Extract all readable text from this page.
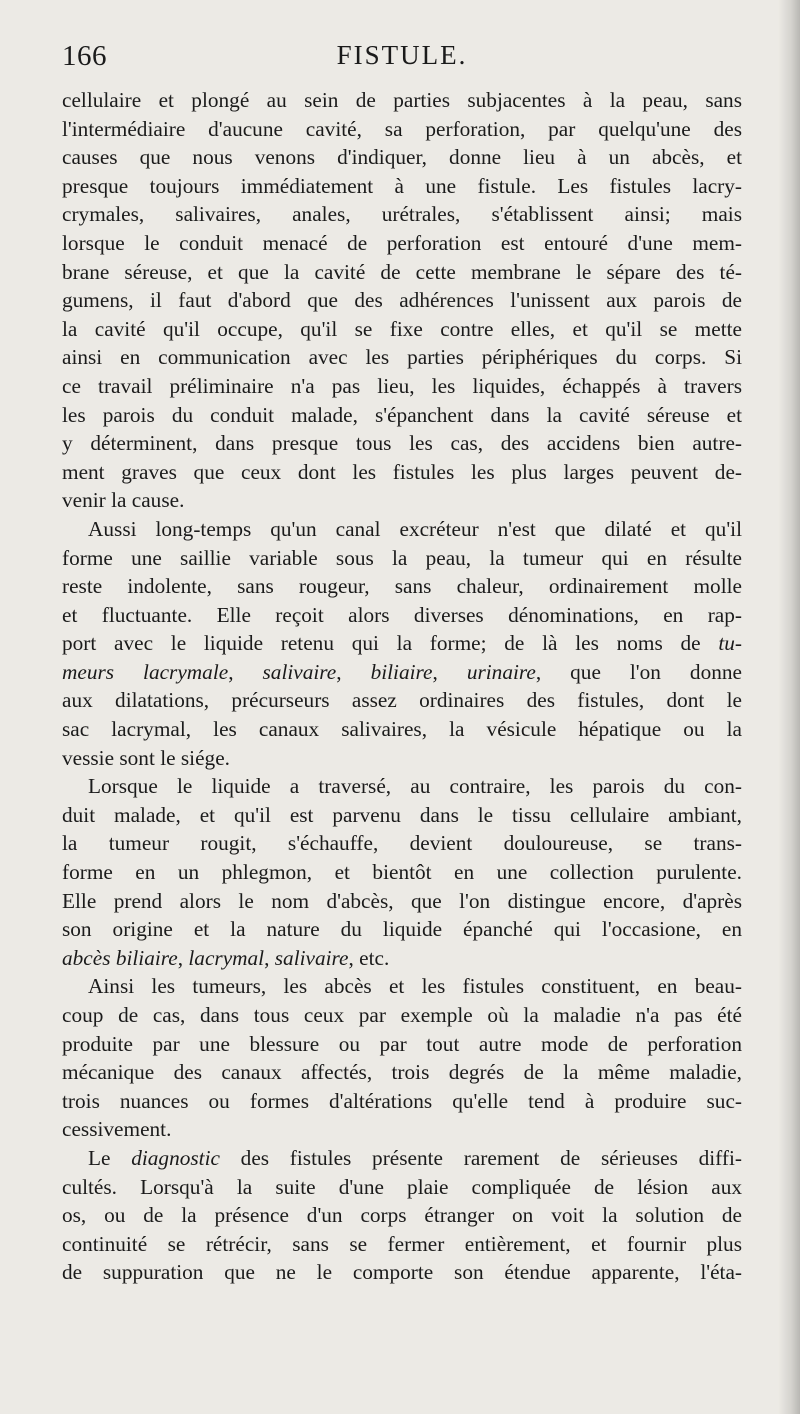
166	FISTULE.

cellulaire et plongé au sein de parties subjacentes à la peau, sans

l'intermédiaire d'aucune cavité, sa perforation, par quelqu'une des

causes que nous venons d'indiquer, donne lieu à un abcès, et

presque toujours immédiatement à une fistule. Les fistules lacry-

crymales, salivaires, anales, urétrales, s'établissent ainsi; mais

lorsque le conduit menacé de perforation est entouré d'une mem-

brane séreuse, et que la cavité de cette membrane le sépare des té-

gumens, il faut d'abord que des adhérences l'unissent aux parois de

la cavité qu'il occupe, qu'il se fixe contre elles, et qu'il se mette

ainsi en communication avec les parties périphériques du corps. Si

ce travail préliminaire n'a pas lieu, les liquides, échappés à travers

les parois du conduit malade, s'épanchent dans la cavité séreuse et

y déterminent, dans presque tous les cas, des accidens bien autre-

ment graves que ceux dont les fistules les plus larges peuvent de-

venir la cause.

Aussi long-temps qu'un canal excréteur n'est que dilaté et qu'il

forme une saillie variable sous la peau, la tumeur qui en résulte

reste indolente, sans rougeur, sans chaleur, ordinairement molle

et fluctuante. Elle reçoit alors diverses dénominations, en rap-

port avec le liquide retenu qui la forme; de là les noms de tu-

meurs lacrymale, salivaire, biliaire, urinaire, que l'on donne

aux dilatations, précurseurs assez ordinaires des fistules, dont le

sac lacrymal, les canaux salivaires, la vésicule hépatique ou la

vessie sont le siége.

Lorsque le liquide a traversé, au contraire, les parois du con-

duit malade, et qu'il est parvenu dans le tissu cellulaire ambiant,

la tumeur rougit, s'échauffe, devient douloureuse, se trans-

forme en un phlegmon, et bientôt en une collection purulente.

Elle prend alors le nom d'abcès, que l'on distingue encore, d'après

son origine et la nature du liquide épanché qui l'occasione, en

abcès biliaire, lacrymal, salivaire, etc.

Ainsi les tumeurs, les abcès et les fistules constituent, en beau-

coup de cas, dans tous ceux par exemple où la maladie n'a pas été

produite par une blessure ou par tout autre mode de perforation

mécanique des canaux affectés, trois degrés de la même maladie,

trois nuances ou formes d'altérations qu'elle tend à produire suc-

cessivement.

Le diagnostic des fistules présente rarement de sérieuses diffi-

cultés. Lorsqu'à la suite d'une plaie compliquée de lésion aux

os, ou de la présence d'un corps étranger on voit la solution de

continuité se rétrécir, sans se fermer entièrement, et fournir plus

de suppuration que ne le comporte son étendue apparente, l'éta-
